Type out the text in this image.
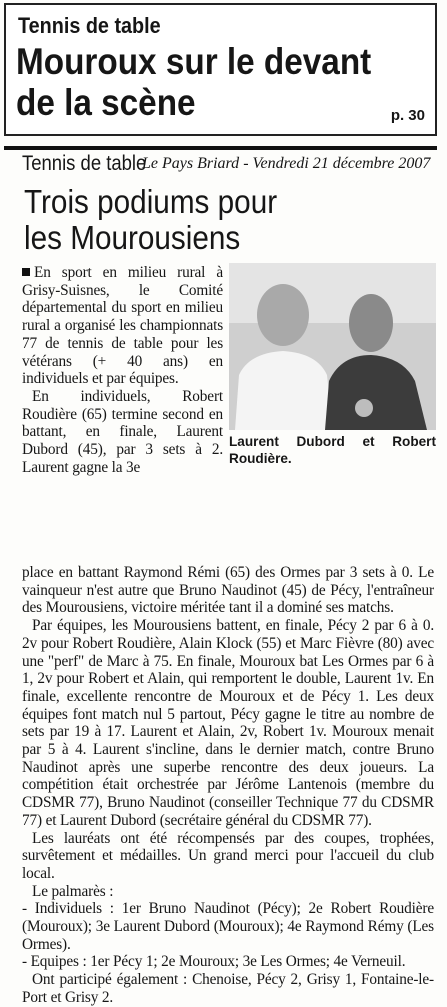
Tennis de table
Mouroux sur le devant
de la scène	p. 30
Tennis de table
Le Pays Briard - Vendredi 21 décembre 2007
Trois podiums pour
les Mourousiens

En sport en milieu rural à Grisy-Suisnes, le Comité départemental du sport en milieu rural a organisé les championnats 77 de tennis de table pour les vétérans (+ 40 ans) en individuels et par équipes.

En individuels, Robert Roudière (65) termine second en battant, en finale, Laurent Dubord (45), par 3 sets à 2. Laurent gagne la 3e

Laurent Dubord et Robert Roudière.

place en battant Raymond Rémi (65) des Ormes par 3 sets à 0. Le vainqueur n'est autre que Bruno Naudinot (45) de Pécy, l'entraîneur des Mourousiens, victoire méritée tant il a dominé ses matchs.

Par équipes, les Mourousiens battent, en finale, Pécy 2 par 6 à 0. 2v pour Robert Roudière, Alain Klock (55) et Marc Fièvre (80) avec une "perf" de Marc à 75. En finale, Mouroux bat Les Ormes par 6 à 1, 2v pour Robert et Alain, qui remportent le double, Laurent 1v. En finale, excellente rencontre de Mouroux et de Pécy 1. Les deux équipes font match nul 5 partout, Pécy gagne le titre au nombre de sets par 19 à 17. Laurent et Alain, 2v, Robert 1v. Mouroux menait par 5 à 4. Laurent s'incline, dans le dernier match, contre Bruno Naudinot après une superbe rencontre des deux joueurs. La compétition était orchestrée par Jérôme Lantenois (membre du CDSMR 77), Bruno Naudinot (conseiller Technique 77 du CDSMR 77) et Laurent Dubord (secrétaire général du CDSMR 77).

Les lauréats ont été récompensés par des coupes, trophées, survêtement et médailles. Un grand merci pour l'accueil du club local.

Le palmarès :

- Individuels : 1er Bruno Naudinot (Pécy); 2e Robert Roudière (Mouroux); 3e Laurent Dubord (Mouroux); 4e Raymond Rémy (Les Ormes).

- Equipes : 1er Pécy 1; 2e Mouroux; 3e Les Ormes; 4e Verneuil.

Ont participé également : Chenoise, Pécy 2, Grisy 1, Fontaine-le-Port et Grisy 2.
